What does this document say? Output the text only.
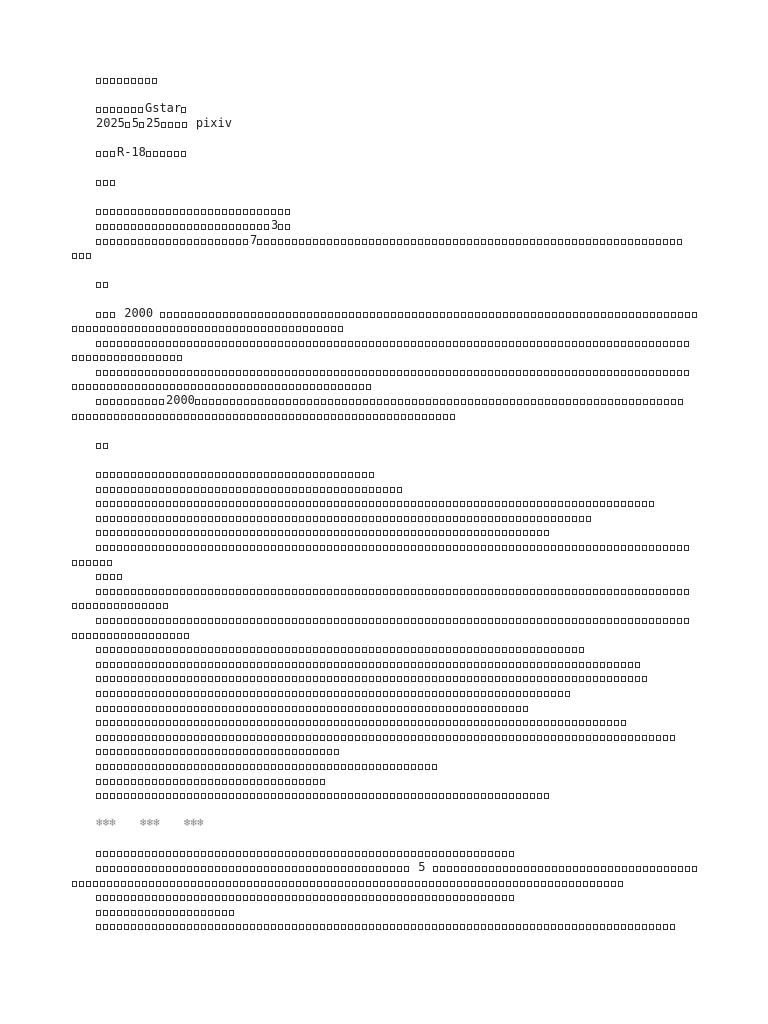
Gstar
2025 5 25	pixiv
R-18
3
7
2000
2000
❄❄❄ ❄❄❄ ❄❄❄
5
